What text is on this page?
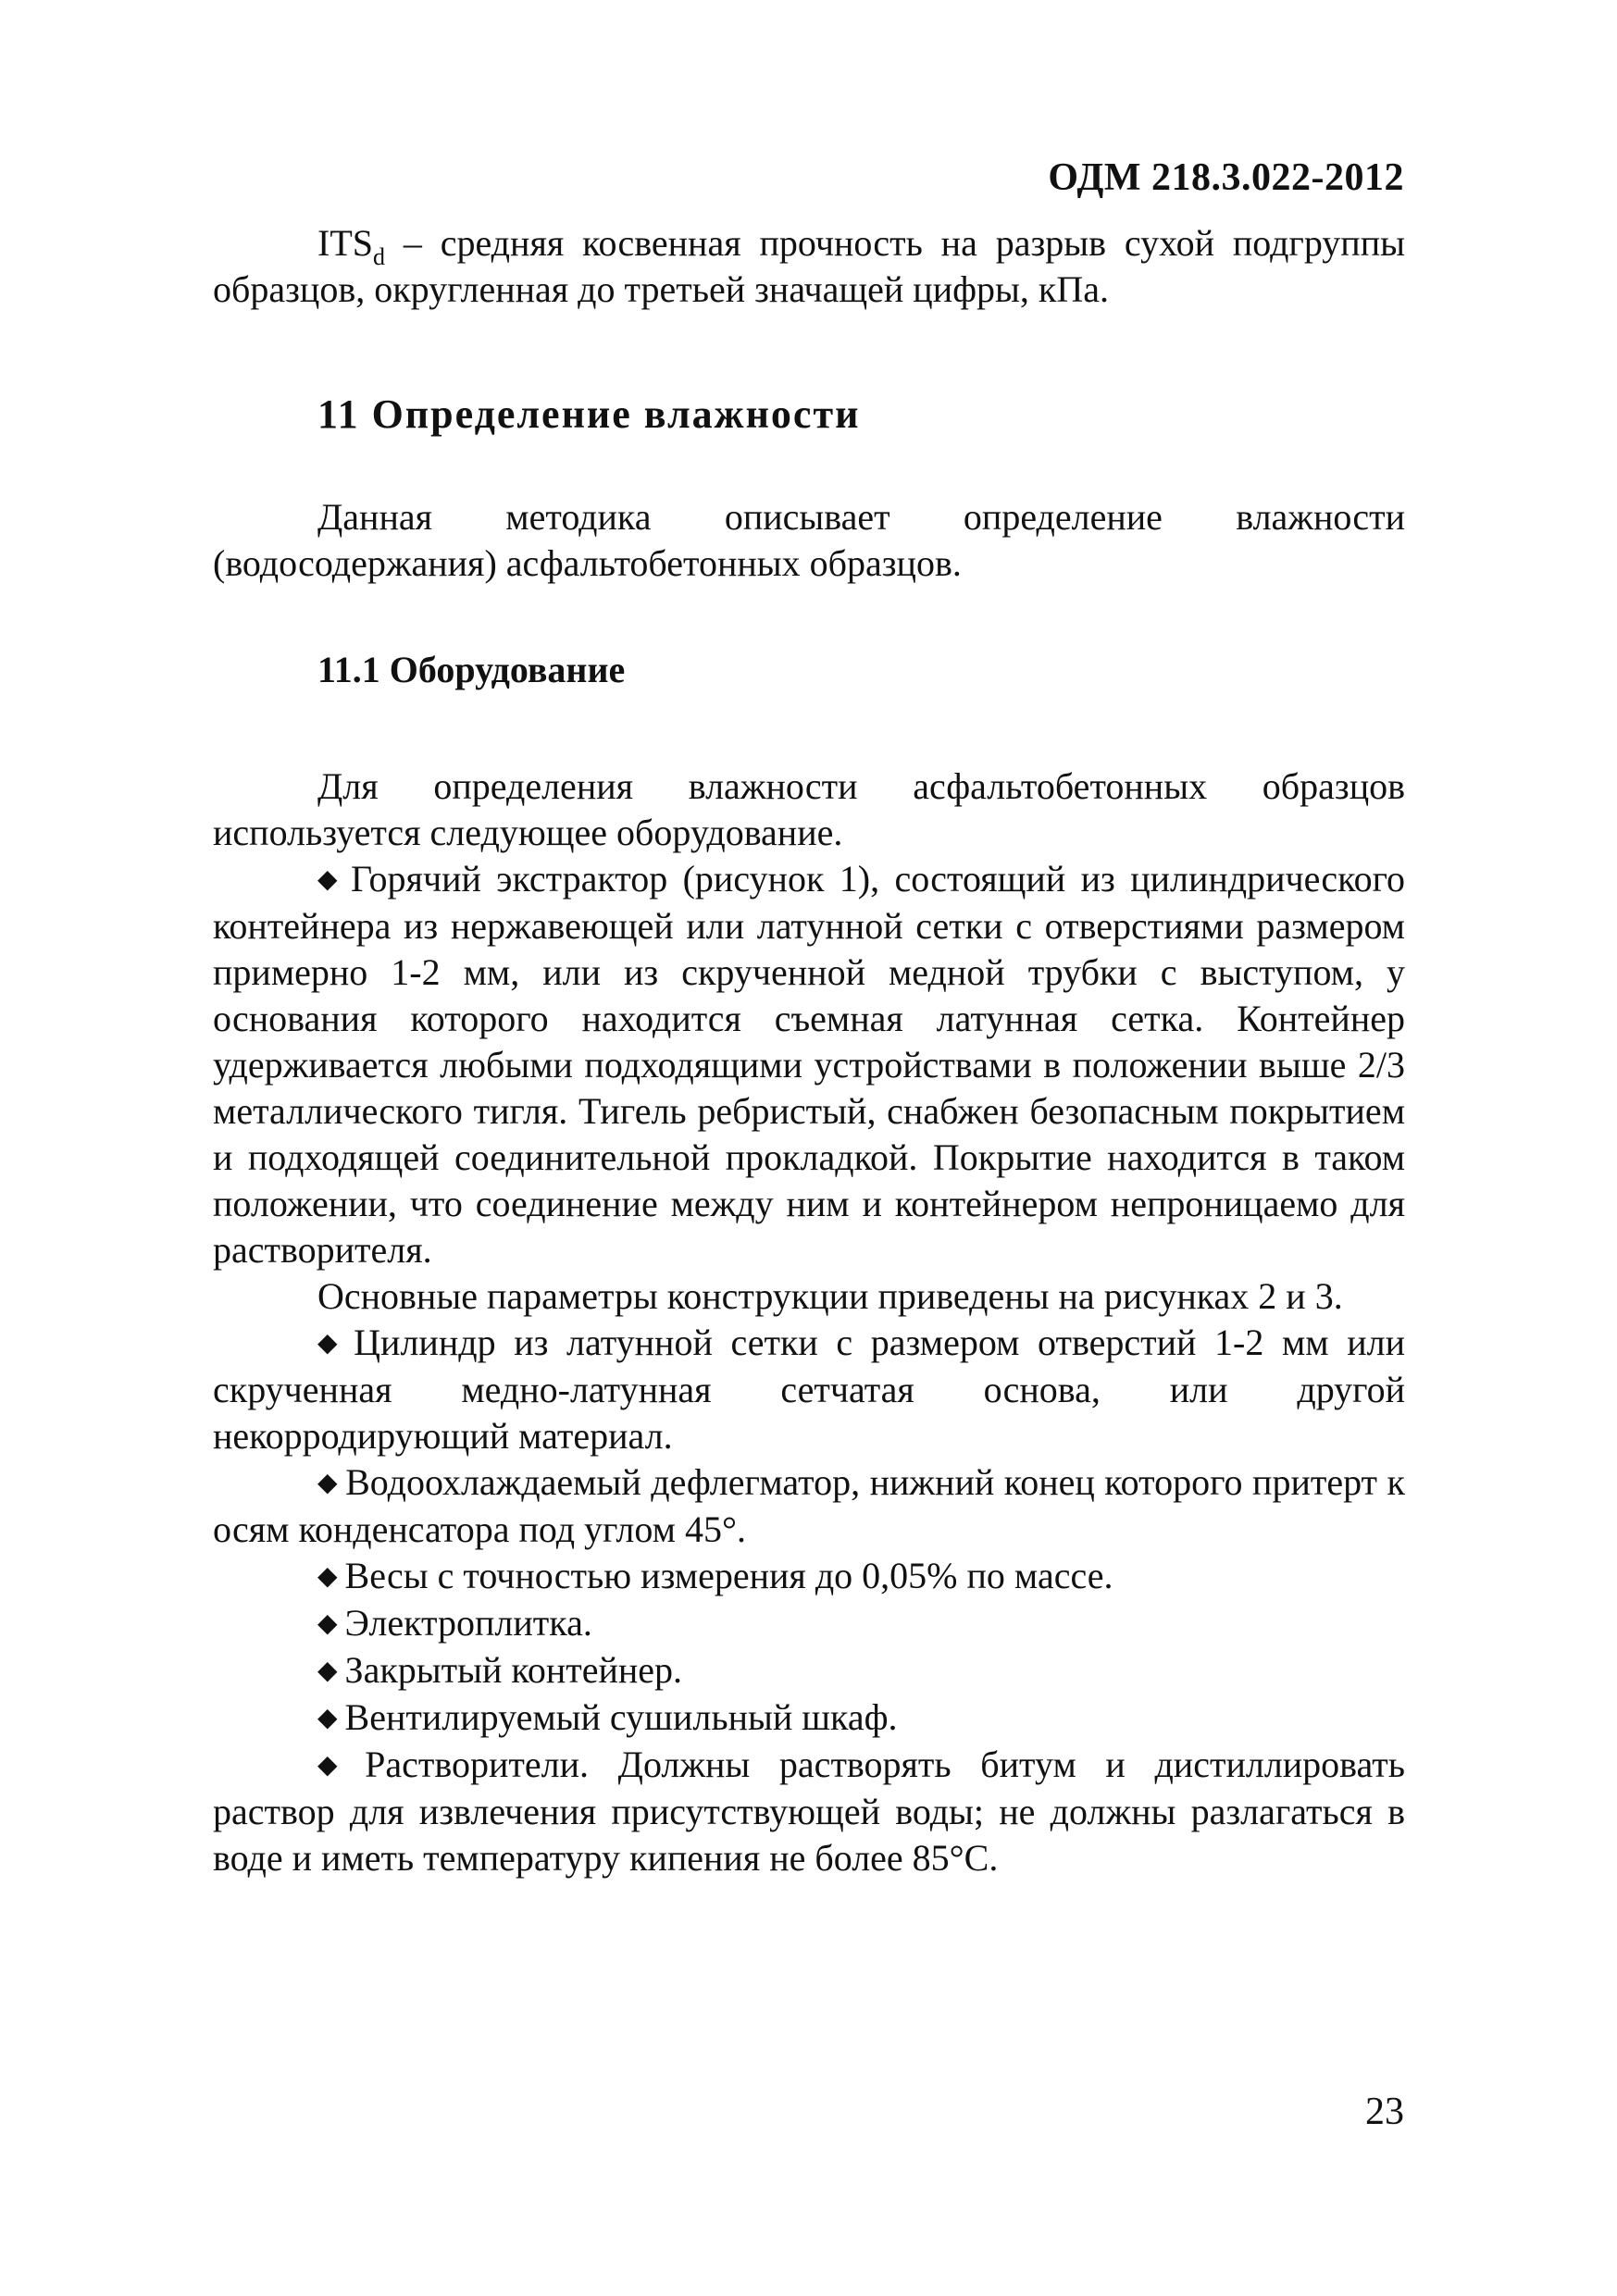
ОДМ 218.3.022-2012

$ITS_d$ – средняя косвенная прочность на разрыв сухой подгруппы образцов, округленная до третьей значащей цифры, кПа.

11 Определение влажности

Данная методика описывает определение влажности (водосодержания) асфальтобетонных образцов.

11.1 Оборудование

Для определения влажности асфальтобетонных образцов используется следующее оборудование.

◆ Горячий экстрактор (рисунок 1), состоящий из цилиндрического контейнера из нержавеющей или латунной сетки с отверстиями размером примерно 1-2 мм, или из скрученной медной трубки с выступом, у основания которого находится съемная латунная сетка. Контейнер удерживается любыми подходящими устройствами в положении выше 2/3 металлического тигля. Тигель ребристый, снабжен безопасным покрытием и подходящей соединительной прокладкой. Покрытие находится в таком положении, что соединение между ним и контейнером непроницаемо для растворителя.

Основные параметры конструкции приведены на рисунках 2 и 3.

◆ Цилиндр из латунной сетки с размером отверстий 1-2 мм или скрученная медно-латунная сетчатая основа, или другой некорродирующий материал.

◆ Водоохлаждаемый дефлегматор, нижний конец которого притерт к осям конденсатора под углом 45°.

◆ Весы с точностью измерения до 0,05% по массе.

◆ Электроплитка.

◆ Закрытый контейнер.

◆ Вентилируемый сушильный шкаф.

◆ Растворители. Должны растворять битум и дистиллировать раствор для извлечения присутствующей воды; не должны разлагаться в воде и иметь температуру кипения не более 85°С.

23
